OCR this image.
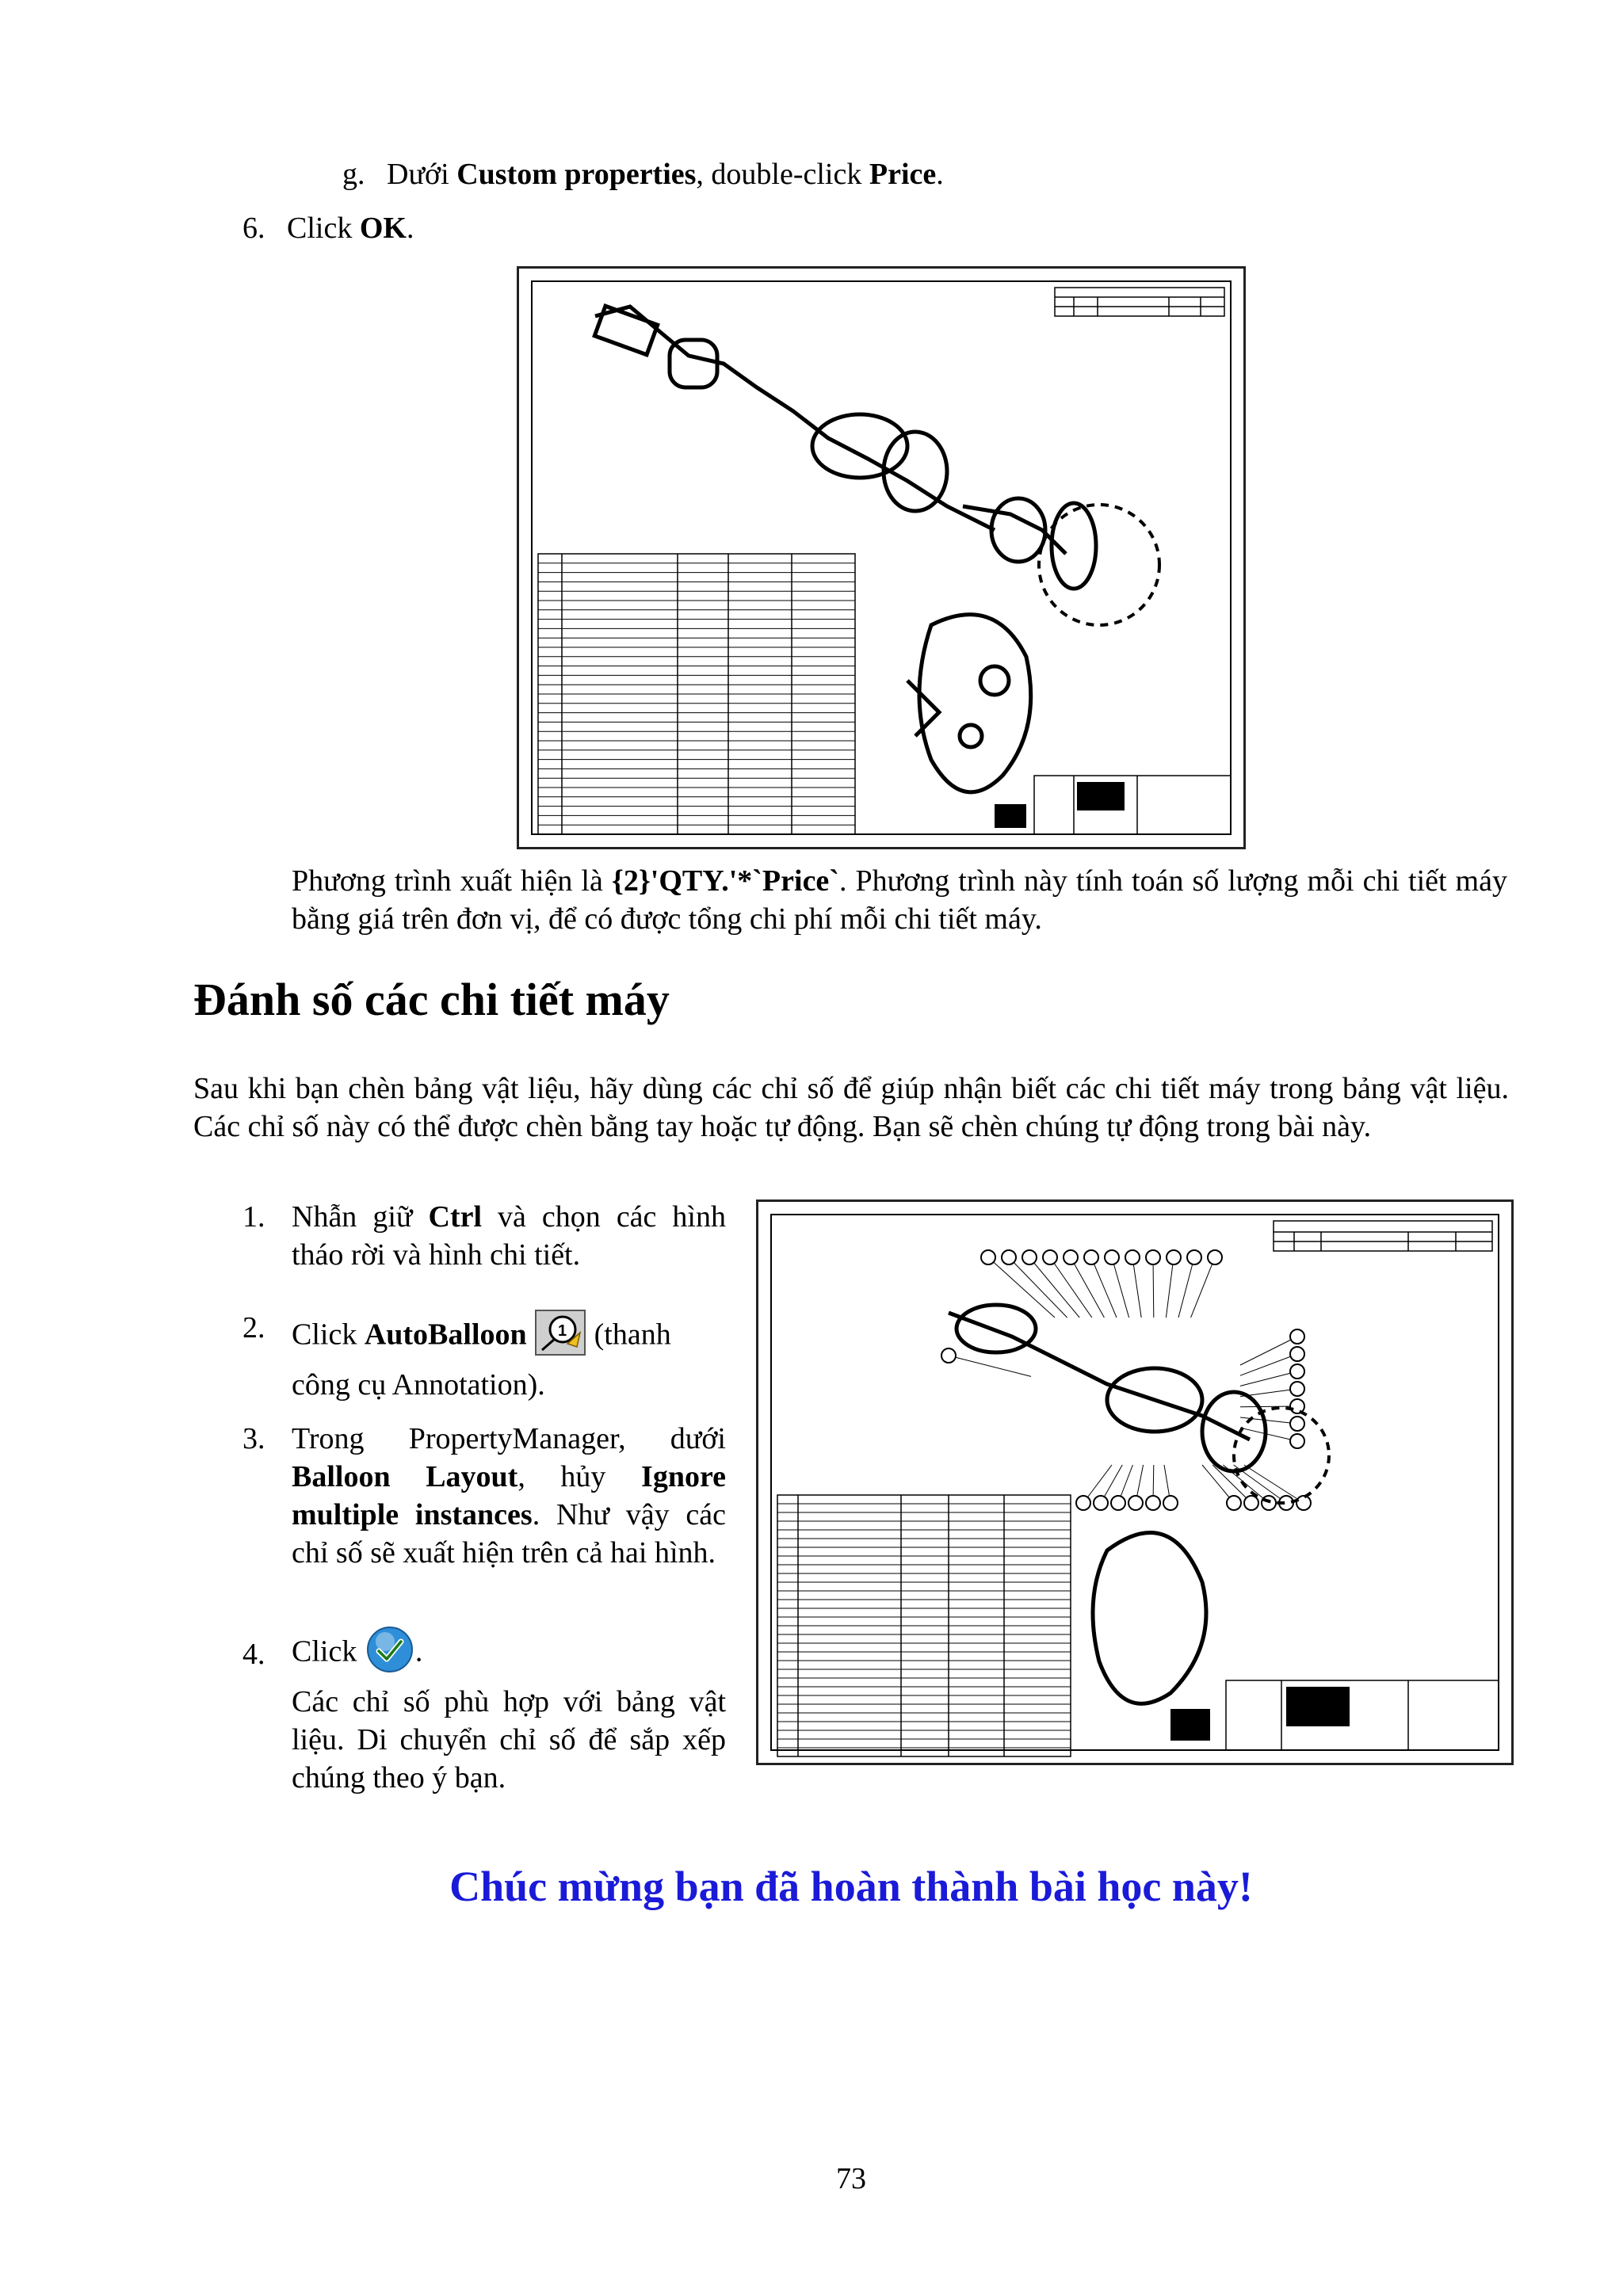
g. Dưới Custom properties, double-click Price.
6. Click OK.
Phương trình xuất hiện là {2}'QTY.'*`Price`. Phương trình này tính toán số lượng mỗi chi tiết máy bằng giá trên đơn vị, để có được tổng chi phí mỗi chi tiết máy.
Đánh số các chi tiết máy
Sau khi bạn chèn bảng vật liệu, hãy dùng các chỉ số để giúp nhận biết các chi tiết máy trong bảng vật liệu. Các chỉ số này có thể được chèn bằng tay hoặc tự động. Bạn sẽ chèn chúng tự động trong bài này.
1. Nhẫn giữ Ctrl và chọn các hình tháo rời và hình chi tiết.
2. Click AutoBalloon 1 (thanh công cụ Annotation).
3. Trong PropertyManager, dưới Balloon Layout, hủy Ignore multiple instances. Như vậy các chỉ số sẽ xuất hiện trên cả hai hình.
4. Click .
Các chỉ số phù hợp với bảng vật liệu. Di chuyển chỉ số để sắp xếp chúng theo ý bạn.
Chúc mừng bạn đã hoàn thành bài học này!
73
